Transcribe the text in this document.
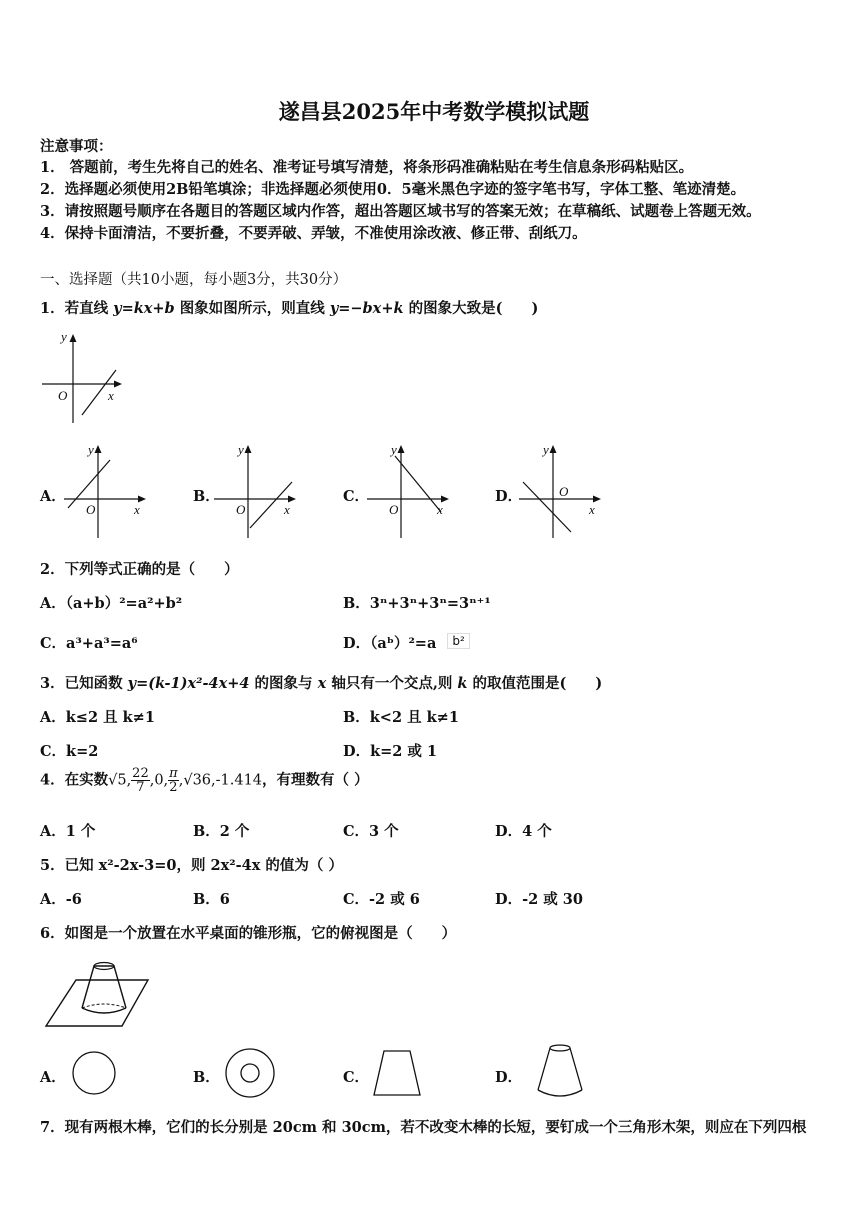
遂昌县2025年中考数学模拟试题
注意事项：
1． 答题前，考生先将自己的姓名、准考证号填写清楚，将条形码准确粘贴在考生信息条形码粘贴区。
2．选择题必须使用2B铅笔填涂；非选择题必须使用0．5毫米黑色字迹的签字笔书写，字体工整、笔迹清楚。
3．请按照题号顺序在各题目的答题区域内作答，超出答题区域书写的答案无效；在草稿纸、试题卷上答题无效。
4．保持卡面清洁，不要折叠，不要弄破、弄皱，不准使用涂改液、修正带、刮纸刀。
一、选择题（共10小题，每小题3分，共30分）
1．若直线 y=kx+b 图象如图所示，则直线 y=−bx+k 的图象大致是(　　)
y
x
O
A．
y
x
O
B．
y
x
O
C．
y
x
O
D．
y
x
O
2．下列等式正确的是（　　）
A．（a+b）²=a²+b²	B．3ⁿ+3ⁿ+3ⁿ=3ⁿ⁺¹
C．a³+a³=a⁶	D．（aᵇ）²=a b²
3．已知函数 y=(k-1)x²-4x+4 的图象与 x 轴只有一个交点,则 k 的取值范围是(　　)
A．k≤2 且 k≠1	B．k<2 且 k≠1
C．k=2	D．k=2 或 1
4．在实数√5, $\frac{22}{7} ,0$, $\frac{\pi}{2} ,√36,-1.414$，有理数有（ ）
A．1 个	B．2 个	C．3 个	D．4 个
5．已知 x²-2x-3=0，则 2x²-4x 的值为（ ）
A．-6	B．6	C．-2 或 6	D．-2 或 30
6．如图是一个放置在水平桌面的锥形瓶，它的俯视图是（　　）
A．	B．	C．	D．
7．现有两根木棒，它们的长分别是 20cm 和 30cm，若不改变木棒的长短，要钉成一个三角形木架，则应在下列四根
